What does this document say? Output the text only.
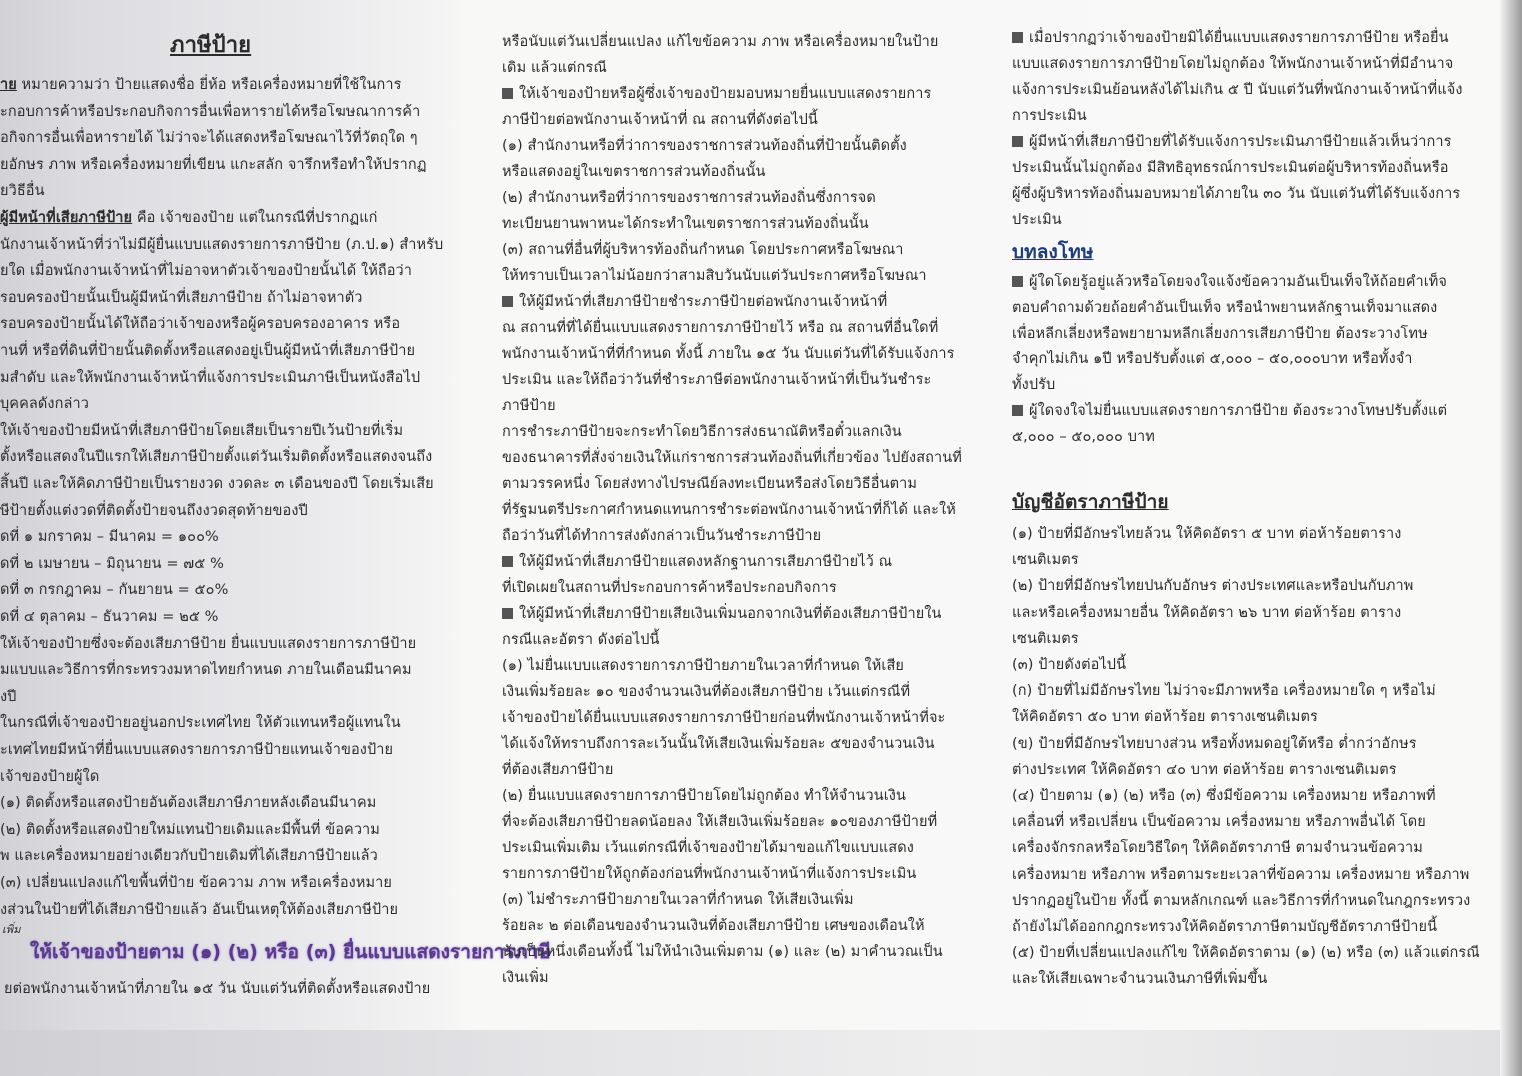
ภาษีป้าย
าย หมายความว่า ป้ายแสดงชื่อ ยี่ห้อ หรือเครื่องหมายที่ใช้ในการ
ะกอบการค้าหรือประกอบกิจการอื่นเพื่อหารายได้หรือโฆษณาการค้า
อกิจการอื่นเพื่อหารายได้ ไม่ว่าจะได้แสดงหรือโฆษณาไว้ที่วัตถุใด ๆ
ยอักษร ภาพ หรือเครื่องหมายที่เขียน แกะสลัก จารึกหรือทำให้ปรากฏ
ยวิธีอื่น
ผู้มีหน้าที่เสียภาษีป้าย คือ เจ้าของป้าย แต่ในกรณีที่ปรากฏแก่
นักงานเจ้าหน้าที่ว่าไม่มีผู้ยื่นแบบแสดงรายการภาษีป้าย (ภ.ป.๑) สำหรับ
ยใด เมื่อพนักงานเจ้าหน้าที่ไม่อาจหาตัวเจ้าของป้ายนั้นได้ ให้ถือว่า
รอบครองป้ายนั้นเป็นผู้มีหน้าที่เสียภาษีป้าย ถ้าไม่อาจหาตัว
รอบครองป้ายนั้นได้ให้ถือว่าเจ้าของหรือผู้ครอบครองอาคาร หรือ
านที่ หรือที่ดินที่ป้ายนั้นติดตั้งหรือแสดงอยู่เป็นผู้มีหน้าที่เสียภาษีป้าย
มสำดับ และให้พนักงานเจ้าหน้าที่แจ้งการประเมินภาษีเป็นหนังสือไป
บุคคลดังกล่าว
ให้เจ้าของป้ายมีหน้าที่เสียภาษีป้ายโดยเสียเป็นรายปีเว้นป้ายที่เริ่ม
ตั้งหรือแสดงในปีแรกให้เสียภาษีป้ายตั้งแต่วันเริ่มติดตั้งหรือแสดงจนถึง
สิ้นปี และให้คิดภาษีป้ายเป็นรายงวด งวดละ ๓ เดือนของปี โดยเริ่มเสีย
ษีป้ายตั้งแต่งวดที่ติดตั้งป้ายจนถึงงวดสุดท้ายของปี
ดที่ ๑ มกราคม – มีนาคม = ๑๐๐%
ดที่ ๒ เมษายน – มิถุนายน = ๗๕ %
ดที่ ๓ กรกฎาคม – กันยายน = ๕๐%
ดที่ ๔ ตุลาคม – ธันวาคม = ๒๕ %
ให้เจ้าของป้ายซึ่งจะต้องเสียภาษีป้าย ยื่นแบบแสดงรายการภาษีป้าย
มแบบและวิธีการที่กระทรวงมหาดไทยกำหนด ภายในเดือนมีนาคม
งปี
ในกรณีที่เจ้าของป้ายอยู่นอกประเทศไทย ให้ตัวแทนหรือผู้แทนใน
ะเทศไทยมีหน้าที่ยื่นแบบแสดงรายการภาษีป้ายแทนเจ้าของป้าย
เจ้าของป้ายผู้ใด
(๑) ติดตั้งหรือแสดงป้ายอันต้องเสียภาษีภายหลังเดือนมีนาคม
(๒) ติดตั้งหรือแสดงป้ายใหม่แทนป้ายเดิมและมีพื้นที่ ข้อความ
พ และเครื่องหมายอย่างเดียวกับป้ายเดิมที่ได้เสียภาษีป้ายแล้ว
(๓) เปลี่ยนแปลงแก้ไขพื้นที่ป้าย ข้อความ ภาพ หรือเครื่องหมาย
งส่วนในป้ายที่ได้เสียภาษีป้ายแล้ว อันเป็นเหตุให้ต้องเสียภาษีป้าย
เพิ่ม
ให้เจ้าของป้ายตาม (๑) (๒) หรือ (๓) ยื่นแบบแสดงรายการภาษี
ยต่อพนักงานเจ้าหน้าที่ภายใน ๑๕ วัน นับแต่วันที่ติดตั้งหรือแสดงป้าย
หรือนับแต่วันเปลี่ยนแปลง แก้ไขข้อความ ภาพ หรือเครื่องหมายในป้าย
เดิม แล้วแต่กรณี
ให้เจ้าของป้ายหรือผู้ซึ่งเจ้าของป้ายมอบหมายยื่นแบบแสดงรายการ
ภาษีป้ายต่อพนักงานเจ้าหน้าที่ ณ สถานที่ดังต่อไปนี้
(๑) สำนักงานหรือที่ว่าการของราชการส่วนท้องถิ่นที่ป้ายนั้นติดตั้ง
หรือแสดงอยู่ในเขตราชการส่วนท้องถิ่นนั้น
(๒) สำนักงานหรือที่ว่าการของราชการส่วนท้องถิ่นซึ่งการจด
ทะเบียนยานพาหนะได้กระทำในเขตราชการส่วนท้องถิ่นนั้น
(๓) สถานที่อื่นที่ผู้บริหารท้องถิ่นกำหนด โดยประกาศหรือโฆษณา
ให้ทราบเป็นเวลาไม่น้อยกว่าสามสิบวันนับแต่วันประกาศหรือโฆษณา
ให้ผู้มีหน้าที่เสียภาษีป้ายชำระภาษีป้ายต่อพนักงานเจ้าหน้าที่
ณ สถานที่ที่ได้ยื่นแบบแสดงรายการภาษีป้ายไว้ หรือ ณ สถานที่อื่นใดที่
พนักงานเจ้าหน้าที่ที่กำหนด ทั้งนี้ ภายใน ๑๕ วัน นับแต่วันที่ได้รับแจ้งการ
ประเมิน และให้ถือว่าวันที่ชำระภาษีต่อพนักงานเจ้าหน้าที่เป็นวันชำระ
ภาษีป้าย
การชำระภาษีป้ายจะกระทำโดยวิธีการส่งธนาณัติหรือตั๋วแลกเงิน
ของธนาคารที่สั่งจ่ายเงินให้แก่ราชการส่วนท้องถิ่นที่เกี่ยวข้อง ไปยังสถานที่
ตามวรรคหนึ่ง โดยส่งทางไปรษณีย์ลงทะเบียนหรือส่งโดยวิธีอื่นตาม
ที่รัฐมนตรีประกาศกำหนดแทนการชำระต่อพนักงานเจ้าหน้าที่ก็ได้ และให้
ถือว่าวันที่ได้ทำการส่งดังกล่าวเป็นวันชำระภาษีป้าย
ให้ผู้มีหน้าที่เสียภาษีป้ายแสดงหลักฐานการเสียภาษีป้ายไว้ ณ
ที่เปิดเผยในสถานที่ประกอบการค้าหรือประกอบกิจการ
ให้ผู้มีหน้าที่เสียภาษีป้ายเสียเงินเพิ่มนอกจากเงินที่ต้องเสียภาษีป้ายใน
กรณีและอัตรา ดังต่อไปนี้
(๑) ไม่ยื่นแบบแสดงรายการภาษีป้ายภายในเวลาที่กำหนด ให้เสีย
เงินเพิ่มร้อยละ ๑๐ ของจำนวนเงินที่ต้องเสียภาษีป้าย เว้นแต่กรณีที่
เจ้าของป้ายได้ยื่นแบบแสดงรายการภาษีป้ายก่อนที่พนักงานเจ้าหน้าที่จะ
ได้แจ้งให้ทราบถึงการละเว้นนั้นให้เสียเงินเพิ่มร้อยละ ๕ของจำนวนเงิน
ที่ต้องเสียภาษีป้าย
(๒) ยื่นแบบแสดงรายการภาษีป้ายโดยไม่ถูกต้อง ทำให้จำนวนเงิน
ที่จะต้องเสียภาษีป้ายลดน้อยลง ให้เสียเงินเพิ่มร้อยละ ๑๐ของภาษีป้ายที่
ประเมินเพิ่มเติม เว้นแต่กรณีที่เจ้าของป้ายได้มาขอแก้ไขแบบแสดง
รายการภาษีป้ายให้ถูกต้องก่อนที่พนักงานเจ้าหน้าที่แจ้งการประเมิน
(๓) ไม่ชำระภาษีป้ายภายในเวลาที่กำหนด ให้เสียเงินเพิ่ม
ร้อยละ ๒ ต่อเดือนของจำนวนเงินที่ต้องเสียภาษีป้าย เศษของเดือนให้
นับเป็นหนึ่งเดือนทั้งนี้ ไม่ให้นำเงินเพิ่มตาม (๑) และ (๒) มาคำนวณเป็น
เงินเพิ่ม
เมื่อปรากฏว่าเจ้าของป้ายมิได้ยื่นแบบแสดงรายการภาษีป้าย หรือยื่น
แบบแสดงรายการภาษีป้ายโดยไม่ถูกต้อง ให้พนักงานเจ้าหน้าที่มีอำนาจ
แจ้งการประเมินย้อนหลังได้ไม่เกิน ๕ ปี นับแต่วันที่พนักงานเจ้าหน้าที่แจ้ง
การประเมิน
ผู้มีหน้าที่เสียภาษีป้ายที่ได้รับแจ้งการประเมินภาษีป้ายแล้วเห็นว่าการ
ประเมินนั้นไม่ถูกต้อง มีสิทธิอุทธรณ์การประเมินต่อผู้บริหารท้องถิ่นหรือ
ผู้ซึ่งผู้บริหารท้องถิ่นมอบหมายได้ภายใน ๓๐ วัน นับแต่วันที่ได้รับแจ้งการ
ประเมิน
บทลงโทษ
ผู้ใดโดยรู้อยู่แล้วหรือโดยจงใจแจ้งข้อความอันเป็นเท็จให้ถ้อยคำเท็จ
ตอบคำถามด้วยถ้อยคำอันเป็นเท็จ หรือนำพยานหลักฐานเท็จมาแสดง
เพื่อหลีกเลี่ยงหรือพยายามหลีกเลี่ยงการเสียภาษีป้าย ต้องระวางโทษ
จำคุกไม่เกิน ๑ปี หรือปรับตั้งแต่ ๕,๐๐๐ – ๕๐,๐๐๐บาท หรือทั้งจำ
ทั้งปรับ
ผู้ใดจงใจไม่ยื่นแบบแสดงรายการภาษีป้าย ต้องระวางโทษปรับตั้งแต่
๕,๐๐๐ – ๕๐,๐๐๐ บาท
บัญชีอัตราภาษีป้าย
(๑) ป้ายที่มีอักษรไทยล้วน ให้คิดอัตรา ๕ บาท ต่อห้าร้อยตาราง
เซนติเมตร
(๒) ป้ายที่มีอักษรไทยปนกับอักษร ต่างประเทศและหรือปนกับภาพ
และหรือเครื่องหมายอื่น ให้คิดอัตรา ๒๖ บาท ต่อห้าร้อย ตาราง
เซนติเมตร
(๓) ป้ายดังต่อไปนี้
(ก) ป้ายที่ไม่มีอักษรไทย ไม่ว่าจะมีภาพหรือ เครื่องหมายใด ๆ หรือไม่
ให้คิดอัตรา ๕๐ บาท ต่อห้าร้อย ตารางเซนติเมตร
(ข) ป้ายที่มีอักษรไทยบางส่วน หรือทั้งหมดอยู่ใต้หรือ ต่ำกว่าอักษร
ต่างประเทศ ให้คิดอัตรา ๔๐ บาท ต่อห้าร้อย ตารางเซนติเมตร
(๔) ป้ายตาม (๑) (๒) หรือ (๓) ซึ่งมีข้อความ เครื่องหมาย หรือภาพที่
เคลื่อนที่ หรือเปลี่ยน เป็นข้อความ เครื่องหมาย หรือภาพอื่นได้ โดย
เครื่องจักรกลหรือโดยวิธีใดๆ ให้คิดอัตราภาษี ตามจำนวนข้อความ
เครื่องหมาย หรือภาพ หรือตามระยะเวลาที่ข้อความ เครื่องหมาย หรือภาพ
ปรากฏอยู่ในป้าย ทั้งนี้ ตามหลักเกณฑ์ และวิธีการที่กำหนดในกฎกระทรวง
ถ้ายังไม่ได้ออกกฎกระทรวงให้คิดอัตราภาษีตามบัญชีอัตราภาษีป้ายนี้
(๕) ป้ายที่เปลี่ยนแปลงแก้ไข ให้คิดอัตราตาม (๑) (๒) หรือ (๓) แล้วแต่กรณี
และให้เสียเฉพาะจำนวนเงินภาษีที่เพิ่มขึ้น
